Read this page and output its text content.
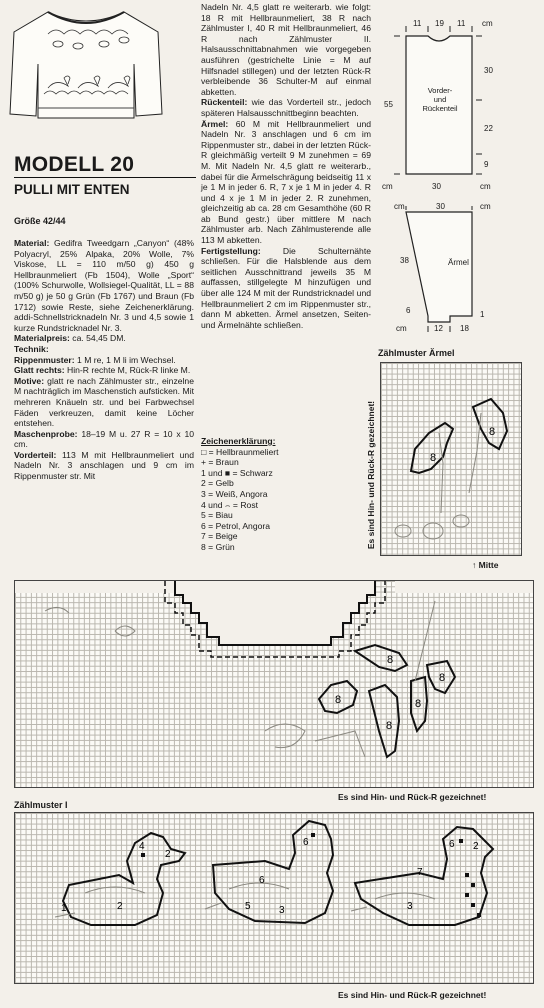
MODELL 20
PULLI MIT ENTEN
Größe 42/44

Material: Gedifra Tweedgarn „Canyon“ (48% Polyacryl, 25% Alpaka, 20% Wolle, 7% Viskose, LL = 110 m/50 g) 450 g Hellbraunmeliert (Fb 1504), Wolle „Sport“ (100% Schurwolle, Wollsiegel-Qualität, LL = 88 m/50 g) je 50 g Grün (Fb 1767) und Braun (Fb 1712) sowie Reste, siehe Zeichenerklärung. addi-Schnellstricknadeln Nr. 3 und 4,5 sowie 1 kurze Rundstricknadel Nr. 3.

Materialpreis: ca. 54,45 DM.

Technik:

Rippenmuster: 1 M re, 1 M li im Wechsel.

Glatt rechts: Hin-R rechte M, Rück-R linke M.

Motive: glatt re nach Zählmuster str., einzelne M nachträglich im Maschenstich aufsticken. Mit mehreren Knäueln str. und bei Farbwechsel Fäden verkreuzen, damit keine Löcher entstehen.

Maschenprobe: 18–19 M u. 27 R = 10 x 10 cm.

Vorderteil: 113 M mit Hellbraunmeliert und Nadeln Nr. 3 anschlagen und 9 cm im Rippenmuster str. Mit

Nadeln Nr. 4,5 glatt re weiterarb. wie folgt: 18 R mit Hellbraunmeliert, 38 R nach Zählmuster I, 40 R mit Hellbraunmeliert, 46 R nach Zählmuster II. Halsausschnittabnahmen wie vorgegeben ausführen (gestrichelte Linie = M auf Hilfsnadel stillegen) und der letzten Rück-R verbleibende 36 Schulter-M auf einmal abketten.

Rückenteil: wie das Vorderteil str., jedoch späteren Halsausschnittbeginn beachten.

Ärmel: 60 M mit Hellbraunmeliert und Nadeln Nr. 3 anschlagen und 6 cm im Rippenmuster str., dabei in der letzten Rück-R gleichmäßig verteilt 9 M zunehmen = 69 M. Mit Nadeln Nr. 4,5 glatt re weiterarb., dabei für die Ärmelschrägung beidseitig 11 x je 1 M in jeder 6. R, 7 x je 1 M in jeder 4. R und 4 x je 1 M in jeder 2. R zunehmen, gleichzeitig ab ca. 28 cm Gesamthöhe (60 R ab Bund gestr.) über mittlere M nach Zählmuster arb. Nach Zählmusterende alle 113 M abketten.

Fertigstellung:	Die Schulternähte schließen. Für die Halsblende aus dem seitlichen Ausschnittrand jeweils 35 M auffassen, stillgelegte M hinzufügen und über alle 124 M mit der Rundstricknadel und Hellbraunmeliert 2 cm im Rippenmuster str., dann M abketten. Ärmel ansetzen, Seiten- und Ärmelnähte schließen.

Zeichenerklärung:
□ = Hellbraunmeliert
+ = Braun
1 und ■ = Schwarz
2 = Gelb
3 = Weiß, Angora
4 und ⌢ = Rost
5 = Biau
6 = Petrol, Angora
7 = Beige
8 = Grün
11 19 11 cm
30
22
9
55
cm	30	cm
Vorder-
und
Rückenteil
cm	30	cm
38
6
Ärmel
cm	12 18
1
Zählmuster Ärmel
8
8
Es sind Hin- und Rück-R gezeichnet!
↑ Mitte
8
8
8
8
8
Es sind Hin- und Rück-R gezeichnet!
Zählmuster I
4
2
2
1
6
6
5	3
6 2
7
3
Es sind Hin- und Rück-R gezeichnet!
